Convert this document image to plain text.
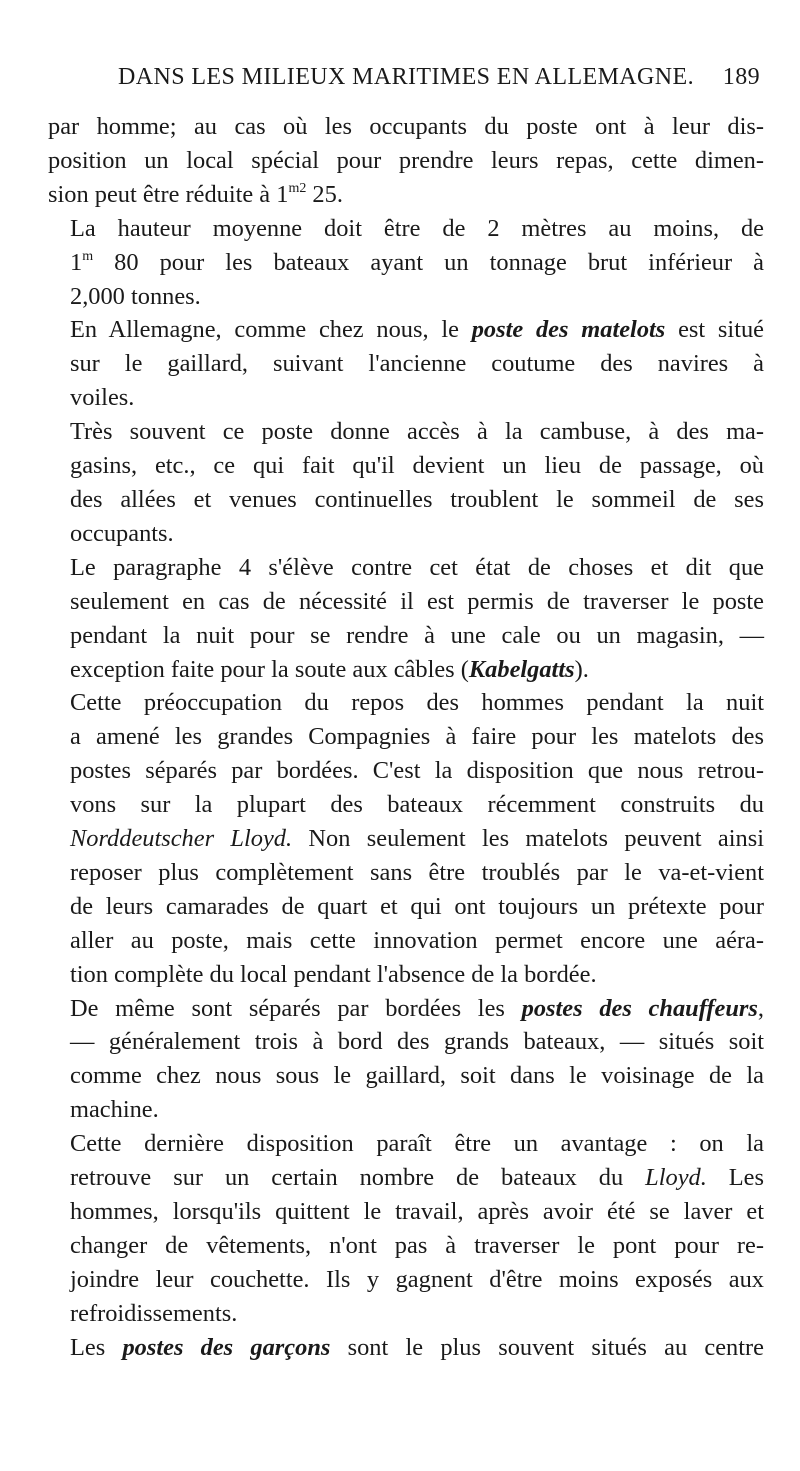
DANS LES MILIEUX MARITIMES EN ALLEMAGNE. 189

par homme; au cas où les occupants du poste ont à leur dis-
position un local spécial pour prendre leurs repas, cette dimen-
sion peut être réduite à $1^{m2}$ 25.

La hauteur moyenne doit être de 2 mètres au moins, de
1$^m$ 80 pour les bateaux ayant un tonnage brut inférieur à
2,000 tonnes.

En Allemagne, comme chez nous, le poste des matelots est situé
sur le gaillard, suivant l'ancienne coutume des navires à
voiles.

Très souvent ce poste donne accès à la cambuse, à des ma-
gasins, etc., ce qui fait qu'il devient un lieu de passage, où
des allées et venues continuelles troublent le sommeil de ses
occupants.

Le paragraphe 4 s'élève contre cet état de choses et dit que
seulement en cas de nécessité il est permis de traverser le poste
pendant la nuit pour se rendre à une cale ou un magasin, —
exception faite pour la soute aux câbles (Kabelgatts).

Cette préoccupation du repos des hommes pendant la nuit
a amené les grandes Compagnies à faire pour les matelots des
postes séparés par bordées. C'est la disposition que nous retrou-
vons sur la plupart des bateaux récemment construits du
Norddeutscher Lloyd. Non seulement les matelots peuvent ainsi
reposer plus complètement sans être troublés par le va-et-vient
de leurs camarades de quart et qui ont toujours un prétexte pour
aller au poste, mais cette innovation permet encore une aéra-
tion complète du local pendant l'absence de la bordée.

De même sont séparés par bordées les postes des chauffeurs,
— généralement trois à bord des grands bateaux, — situés soit
comme chez nous sous le gaillard, soit dans le voisinage de la
machine.

Cette dernière disposition paraît être un avantage : on la
retrouve sur un certain nombre de bateaux du Lloyd. Les
hommes, lorsqu'ils quittent le travail, après avoir été se laver et
changer de vêtements, n'ont pas à traverser le pont pour re-
joindre leur couchette. Ils y gagnent d'être moins exposés aux
refroidissements.

Les postes des garçons sont le plus souvent situés au centre
